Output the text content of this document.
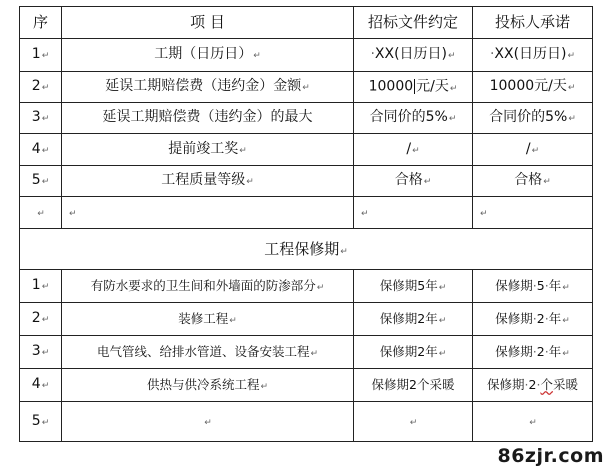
序	项 目	招标文件约定	投标人承诺
1↵	工期（日历日）↵	·XX(日历日)↵	·XX(日历日)↵
2↵	延误工期赔偿费（违约金）金额↵	10000 元/天↵	10000元/天↵
3↵	延误工期赔偿费（违约金）的最大	合同价的5%↵	合同价的5%↵
4↵	提前竣工奖↵	/↵	/↵
5↵	工程质量等级↵	合格↵	合格↵
↵	↵	↵	↵
工程保修期↵			
1↵	有防水要求的卫生间和外墙面的防渗部分↵	保修期5年↵	保修期·5·年↵
2↵	装修工程↵	保修期2年↵	保修期·2·年↵
3↵	电气管线、给排水管道、设备安装工程↵	保修期2年↵	保修期·2·年↵
4↵	供热与供冷系统工程↵	保修期2个采暖	保修期·2·个采暖
5↵	↵	↵	↵
86zjr.com
